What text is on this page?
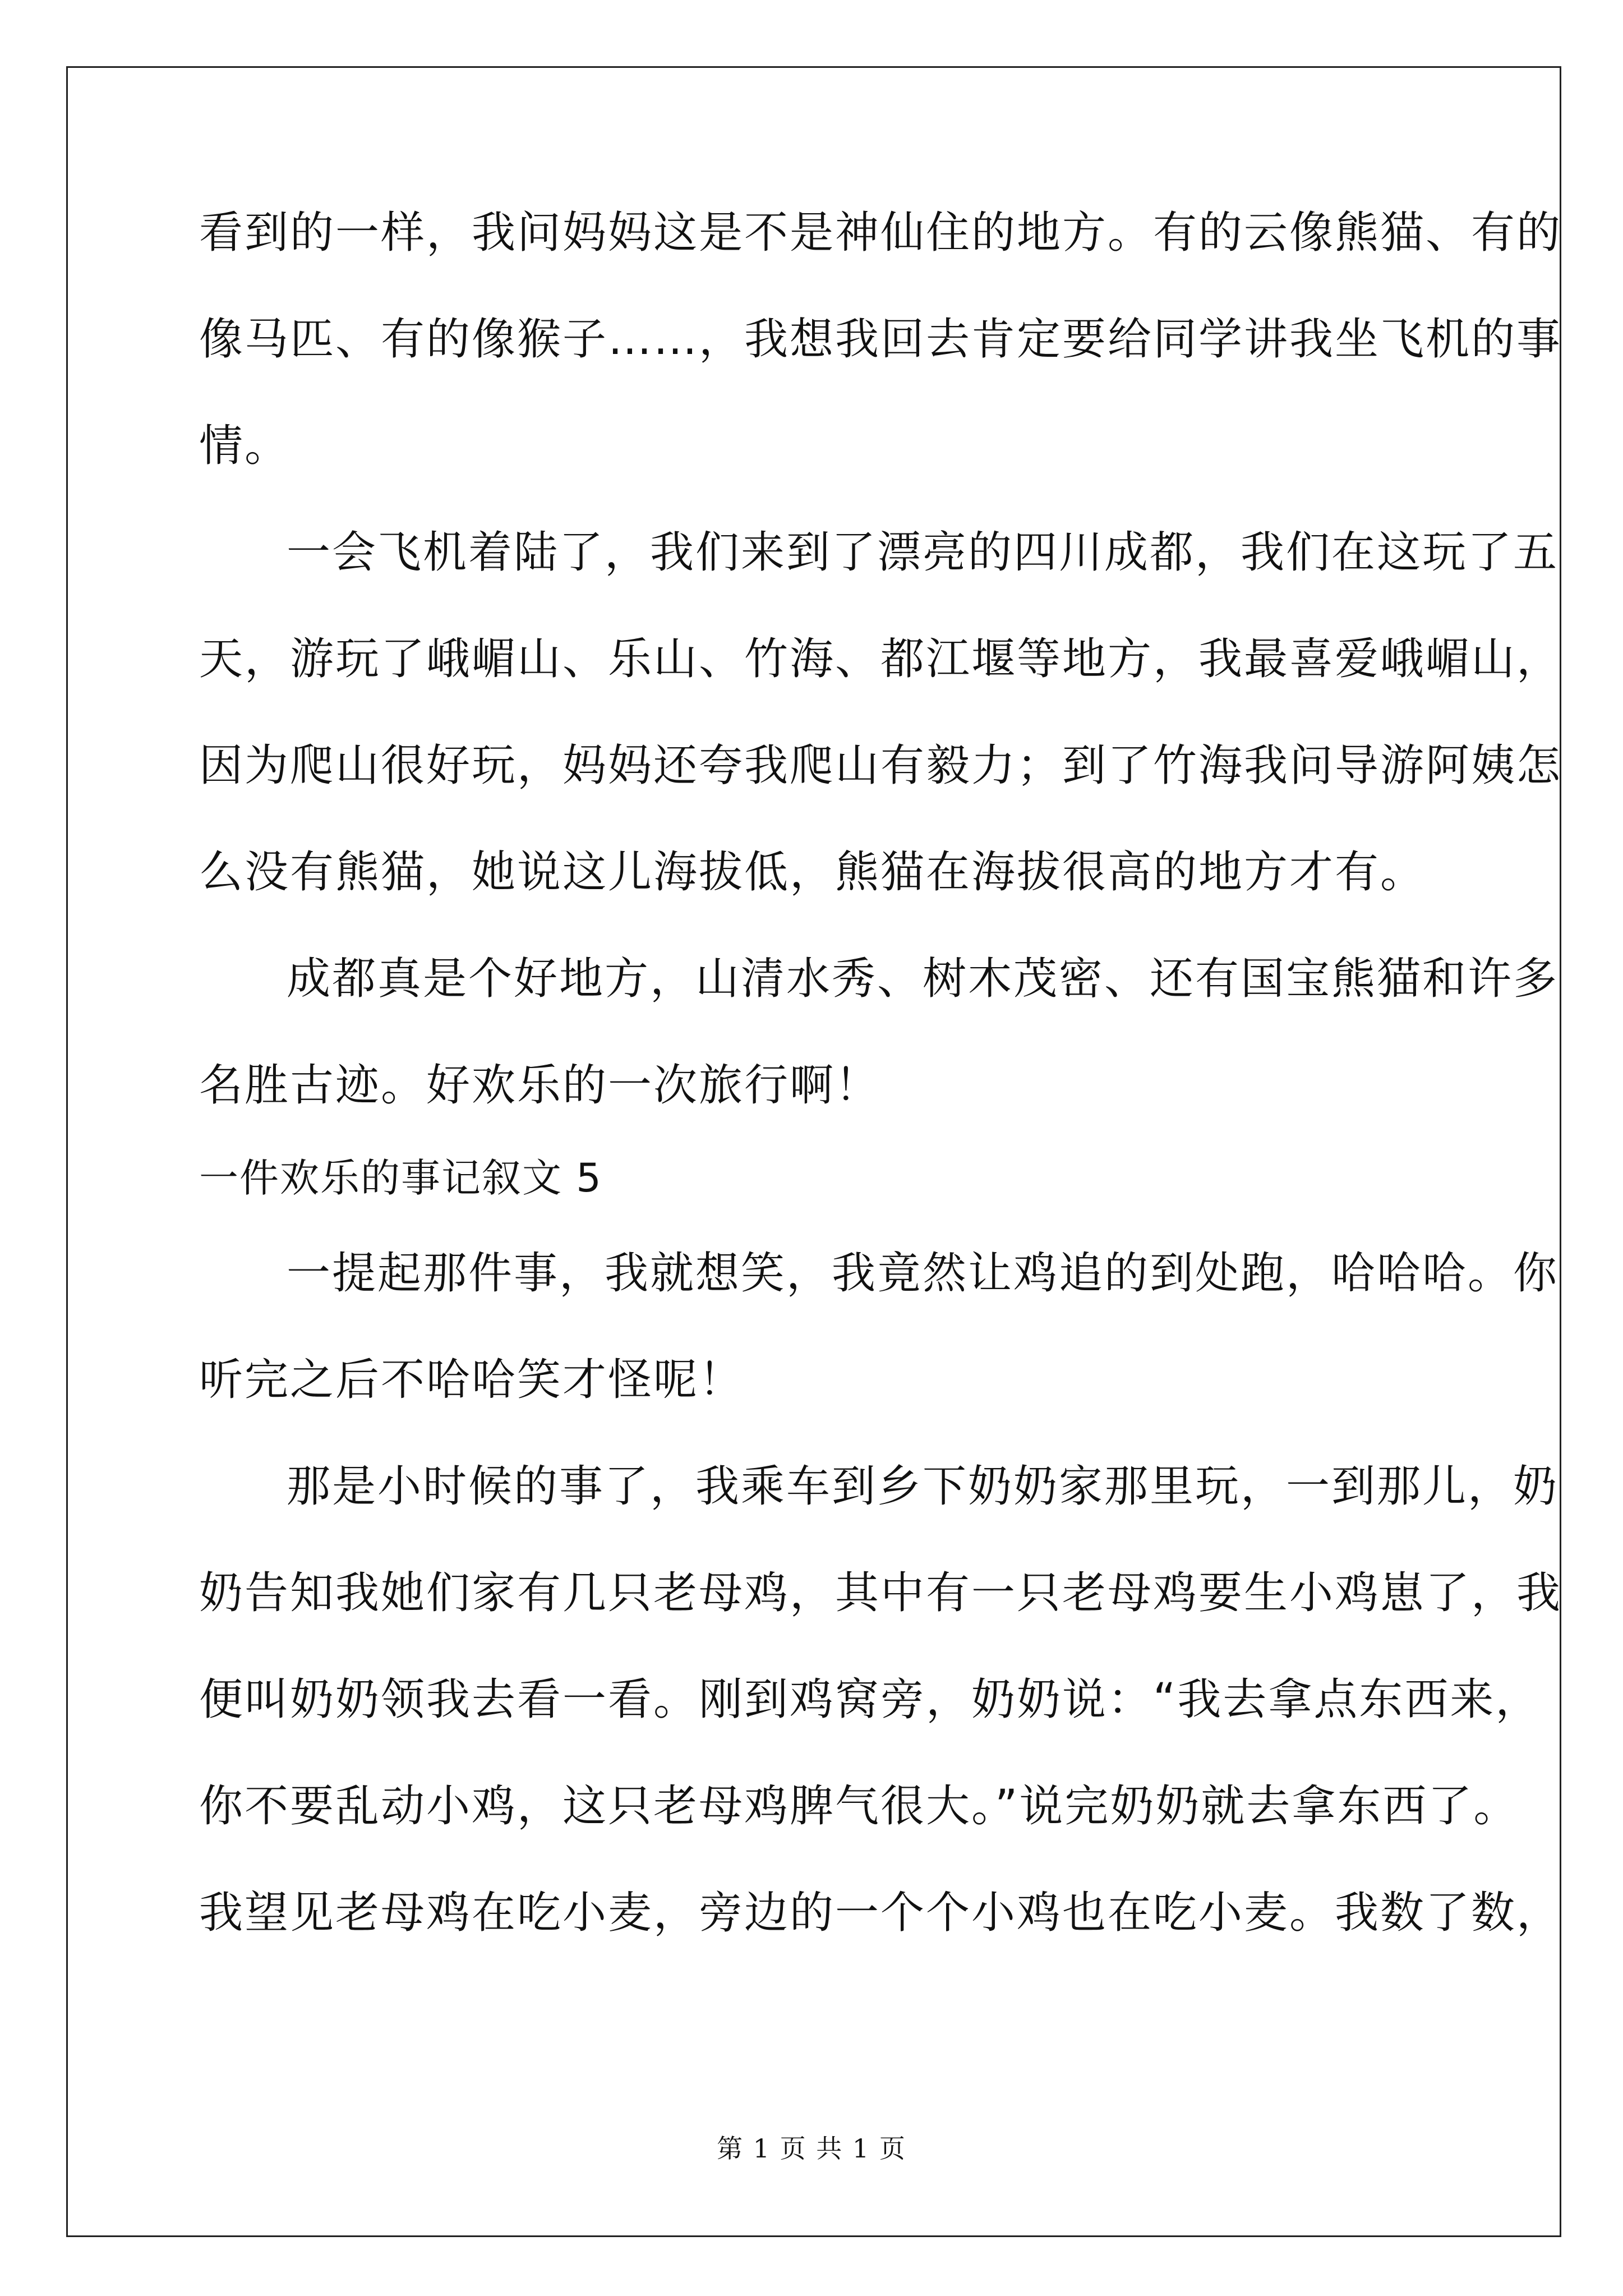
看到的一样，我问妈妈这是不是神仙住的地方。有的云像熊猫、有的
像马匹、有的像猴子……，我想我回去肯定要给同学讲我坐飞机的事
情。
一会飞机着陆了，我们来到了漂亮的四川成都，我们在这玩了五
天，游玩了峨嵋山、乐山、竹海、都江堰等地方，我最喜爱峨嵋山，
因为爬山很好玩，妈妈还夸我爬山有毅力；到了竹海我问导游阿姨怎
么没有熊猫，她说这儿海拔低，熊猫在海拔很高的地方才有。
成都真是个好地方，山清水秀、树木茂密、还有国宝熊猫和许多
名胜古迹。好欢乐的一次旅行啊！
一件欢乐的事记叙文 5
一提起那件事，我就想笑，我竟然让鸡追的到处跑，哈哈哈。你
听完之后不哈哈笑才怪呢！
那是小时候的事了，我乘车到乡下奶奶家那里玩，一到那儿，奶
奶告知我她们家有几只老母鸡，其中有一只老母鸡要生小鸡崽了，我
便叫奶奶领我去看一看。刚到鸡窝旁，奶奶说：“我去拿点东西来，
你不要乱动小鸡，这只老母鸡脾气很大。”说完奶奶就去拿东西了。
我望见老母鸡在吃小麦，旁边的一个个小鸡也在吃小麦。我数了数，
第 1 页 共 1 页
